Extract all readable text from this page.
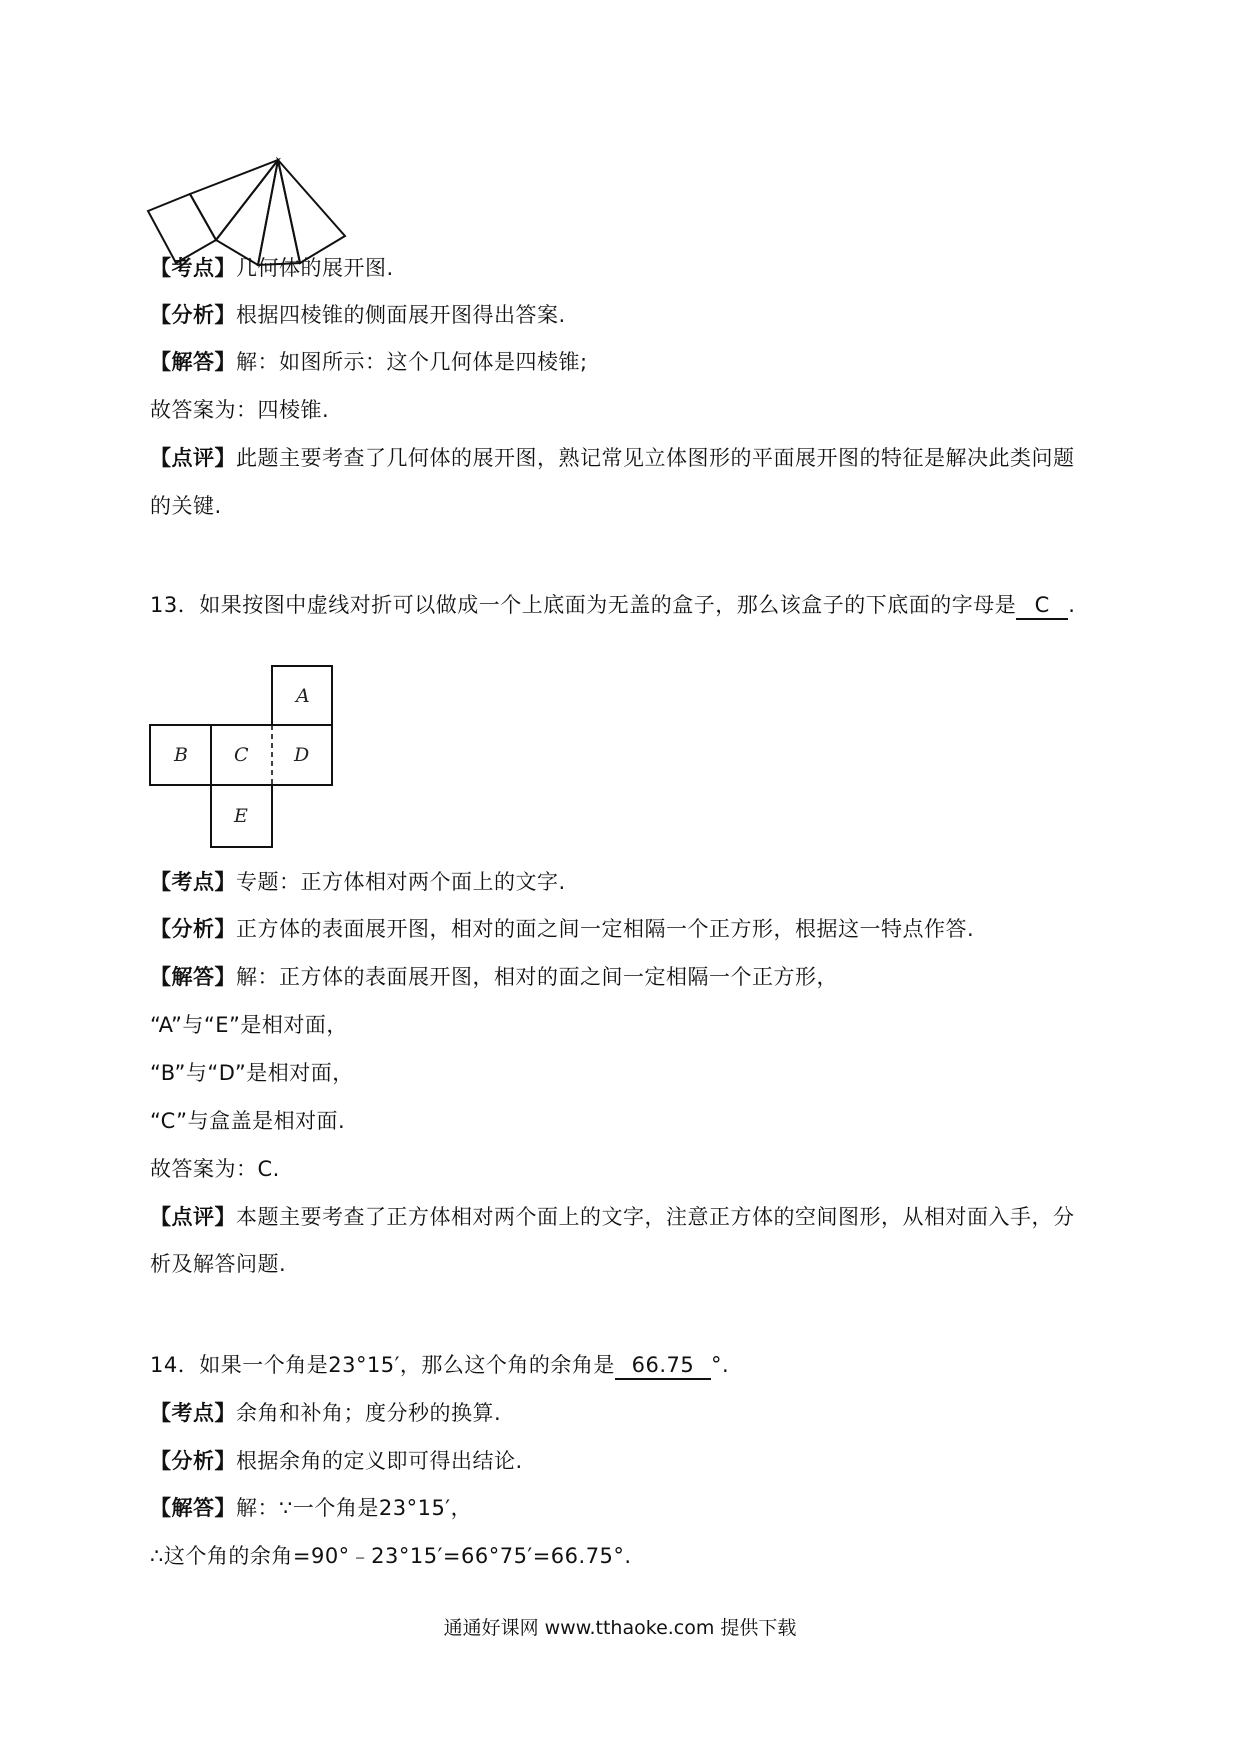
【考点】几何体的展开图.
【分析】根据四棱锥的侧面展开图得出答案.
【解答】解：如图所示：这个几何体是四棱锥;
故答案为：四棱锥.
【点评】此题主要考查了几何体的展开图，熟记常见立体图形的平面展开图的特征是解决此类问题
的关键.
13．如果按图中虚线对折可以做成一个上底面为无盖的盒子，那么该盒子的下底面的字母是 C .
A
B C D
E
【考点】专题：正方体相对两个面上的文字.
【分析】正方体的表面展开图，相对的面之间一定相隔一个正方形，根据这一特点作答.
【解答】解：正方体的表面展开图，相对的面之间一定相隔一个正方形，
“A”与“E”是相对面，
“B”与“D”是相对面，
“C”与盒盖是相对面.
故答案为：C.
【点评】本题主要考查了正方体相对两个面上的文字，注意正方体的空间图形，从相对面入手，分
析及解答问题.
14．如果一个角是23°15′，那么这个角的余角是 66.75 °.
【考点】余角和补角；度分秒的换算.
【分析】根据余角的定义即可得出结论.
【解答】解：∵一个角是23°15′，
∴这个角的余角=90°﹣23°15′=66°75′=66.75°.
通通好课网 www.tthaoke.com 提供下载
